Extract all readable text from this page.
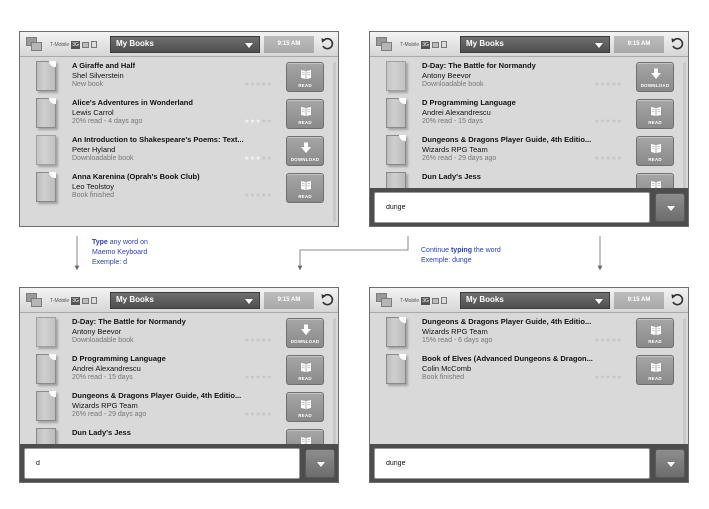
Type any word on
Maemo Keyboard
Exemple: d
Continue typing the word
Exemple: dunge
T-Mobile 3G	My Books	9:15 AM
A Giraffe and Half
Shel Silverstein
New book	★★★★★	READ
Alice's Adventures in Wonderland
Lewis Carrol
20% read - 4 days ago	★★★★★	READ
An Introduction to Shakespeare's Poems: Text...
Peter Hyland
Downloadable book	★★★★★	DOWNLOAD
Anna Karenina (Oprah's Book Club)
Leo Teolstoy
Book finished	★★★★★	READ
T-Mobile 3G	My Books	9:15 AM
D-Day: The Battle for Normandy
Antony Beevor
Downloadable book	★★★★★	DOWNLOAD
D Programming Language
Andrei Alexandrescu
20% read - 15 days	★★★★★	READ
Dungeons & Dragons Player Guide, 4th Editio...
Wizards RPG Team
26% read - 29 days ago	★★★★★	READ
Dun Lady's Jess
dunge
T-Mobile 3G	My Books	9:15 AM
D-Day: The Battle for Normandy
Antony Beevor
Downloadable book	★★★★★	DOWNLOAD
D Programming Language
Andrei Alexandrescu
20% read - 15 days	★★★★★	READ
Dungeons & Dragons Player Guide, 4th Editio...
Wizards RPG Team
26% read - 29 days ago	★★★★★	READ
Dun Lady's Jess
d
T-Mobile 3G	My Books	9:15 AM
Dungeons & Dragons Player Guide, 4th Editio...
Wizards RPG Team
15% read - 6 days ago	★★★★★	READ
Book of Elves (Advanced Dungeons & Dragon...
Colin McComb
Book finished	★★★★★	READ
dunge
